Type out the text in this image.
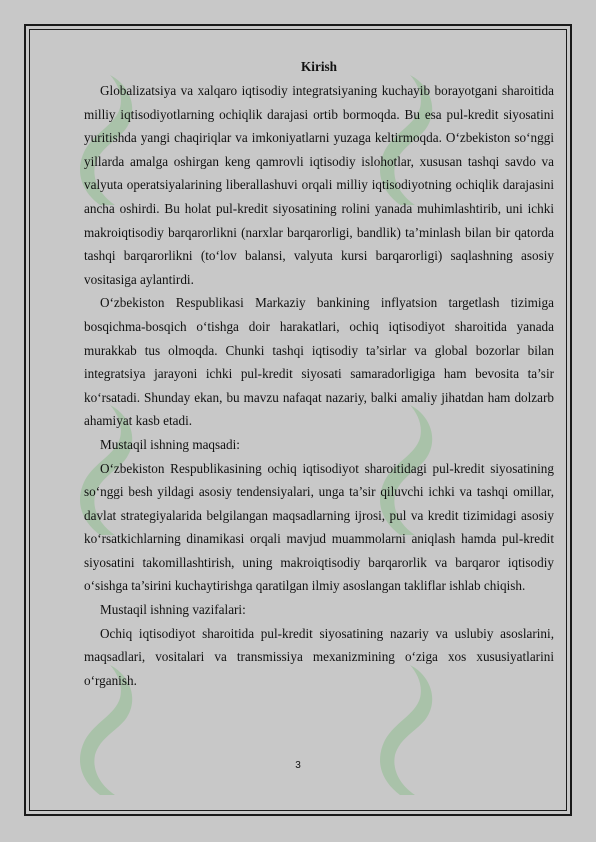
Kirish

Globalizatsiya va xalqaro iqtisodiy integratsiyaning kuchayib borayotgani sharoitida milliy iqtisodiyotlarning ochiqlik darajasi ortib bormoqda. Bu esa pul-kredit siyosatini yuritishda yangi chaqiriqlar va imkoniyatlarni yuzaga keltirmoqda. O‘zbekiston so‘nggi yillarda amalga oshirgan keng qamrovli iqtisodiy islohotlar, xususan tashqi savdo va valyuta operatsiyalarining liberallashuvi orqali milliy iqtisodiyotning ochiqlik darajasini ancha oshirdi. Bu holat pul-kredit siyosatining rolini yanada muhimlashtirib, uni ichki makroiqtisodiy barqarorlikni (narxlar barqarorligi, bandlik) ta’minlash bilan bir qatorda tashqi barqarorlikni (to‘lov balansi, valyuta kursi barqarorligi) saqlashning asosiy vositasiga aylantirdi.

O‘zbekiston Respublikasi Markaziy bankining inflyatsion targetlash tizimiga bosqichma-bosqich o‘tishga doir harakatlari, ochiq iqtisodiyot sharoitida yanada murakkab tus olmoqda. Chunki tashqi iqtisodiy ta’sirlar va global bozorlar bilan integratsiya jarayoni ichki pul-kredit siyosati samaradorligiga ham bevosita ta’sir ko‘rsatadi. Shunday ekan, bu mavzu nafaqat nazariy, balki amaliy jihatdan ham dolzarb ahamiyat kasb etadi.

Mustaqil ishning maqsadi:

O‘zbekiston Respublikasining ochiq iqtisodiyot sharoitidagi pul-kredit siyosatining so‘nggi besh yildagi asosiy tendensiyalari, unga ta’sir qiluvchi ichki va tashqi omillar, davlat strategiyalarida belgilangan maqsadlarning ijrosi, pul va kredit tizimidagi asosiy ko‘rsatkichlarning dinamikasi orqali mavjud muammolarni aniqlash hamda pul-kredit siyosatini takomillashtirish, uning makroiqtisodiy barqarorlik va barqaror iqtisodiy o‘sishga ta’sirini kuchaytirishga qaratilgan ilmiy asoslangan takliflar ishlab chiqish.

Mustaqil ishning vazifalari:

Ochiq iqtisodiyot sharoitida pul-kredit siyosatining nazariy va uslubiy asoslarini, maqsadlari, vositalari va transmissiya mexanizmining o‘ziga xos xususiyatlarini o‘rganish.

3
